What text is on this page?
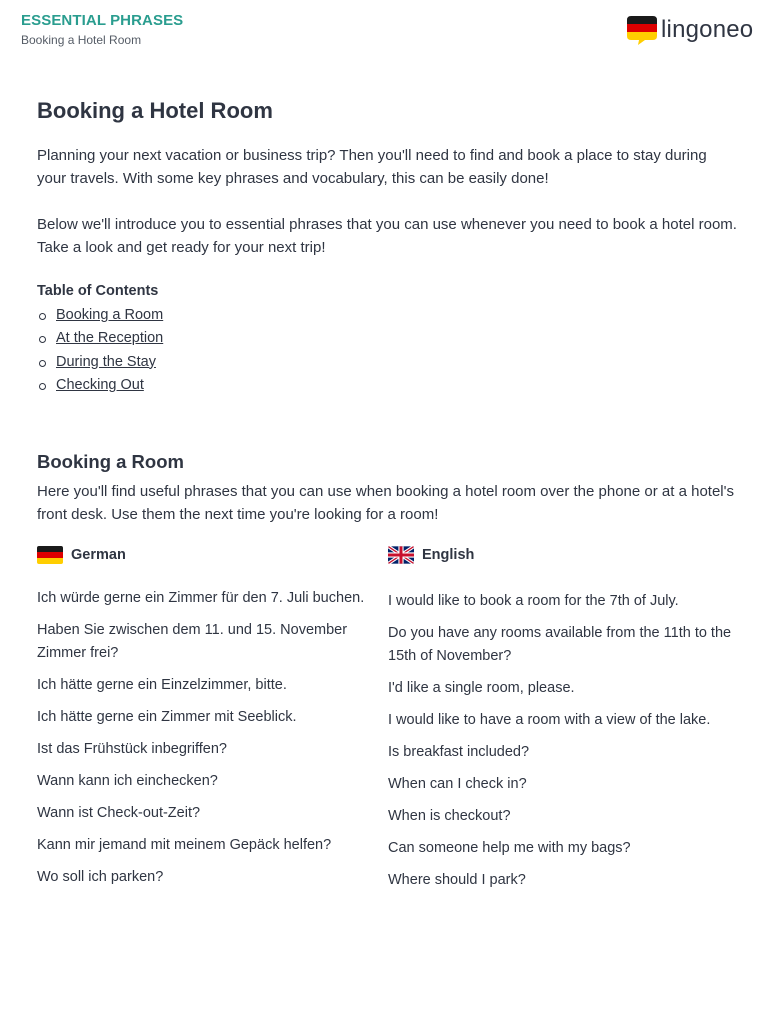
ESSENTIAL PHRASES
Booking a Hotel Room	lingoneo
Booking a Hotel Room

Planning your next vacation or business trip? Then you'll need to find and book a place to stay during your travels. With some key phrases and vocabulary, this can be easily done!

Below we'll introduce you to essential phrases that you can use whenever you need to book a hotel room. Take a look and get ready for your next trip!

Table of Contents
Booking a Room
At the Reception
During the Stay
Checking Out
Booking a Room

Here you'll find useful phrases that you can use when booking a hotel room over the phone or at a hotel's front desk. Use them the next time you're looking for a room!

German
Ich würde gerne ein Zimmer für den 7. Juli buchen.
Haben Sie zwischen dem 11. und 15. November Zimmer frei?
Ich hätte gerne ein Einzelzimmer, bitte.
Ich hätte gerne ein Zimmer mit Seeblick.
Ist das Frühstück inbegriffen?
Wann kann ich einchecken?
Wann ist Check-out-Zeit?
Kann mir jemand mit meinem Gepäck helfen?
Wo soll ich parken?
English
I would like to book a room for the 7th of July.
Do you have any rooms available from the 11th to the 15th of November?
I'd like a single room, please.
I would like to have a room with a view of the lake.
Is breakfast included?
When can I check in?
When is checkout?
Can someone help me with my bags?
Where should I park?
